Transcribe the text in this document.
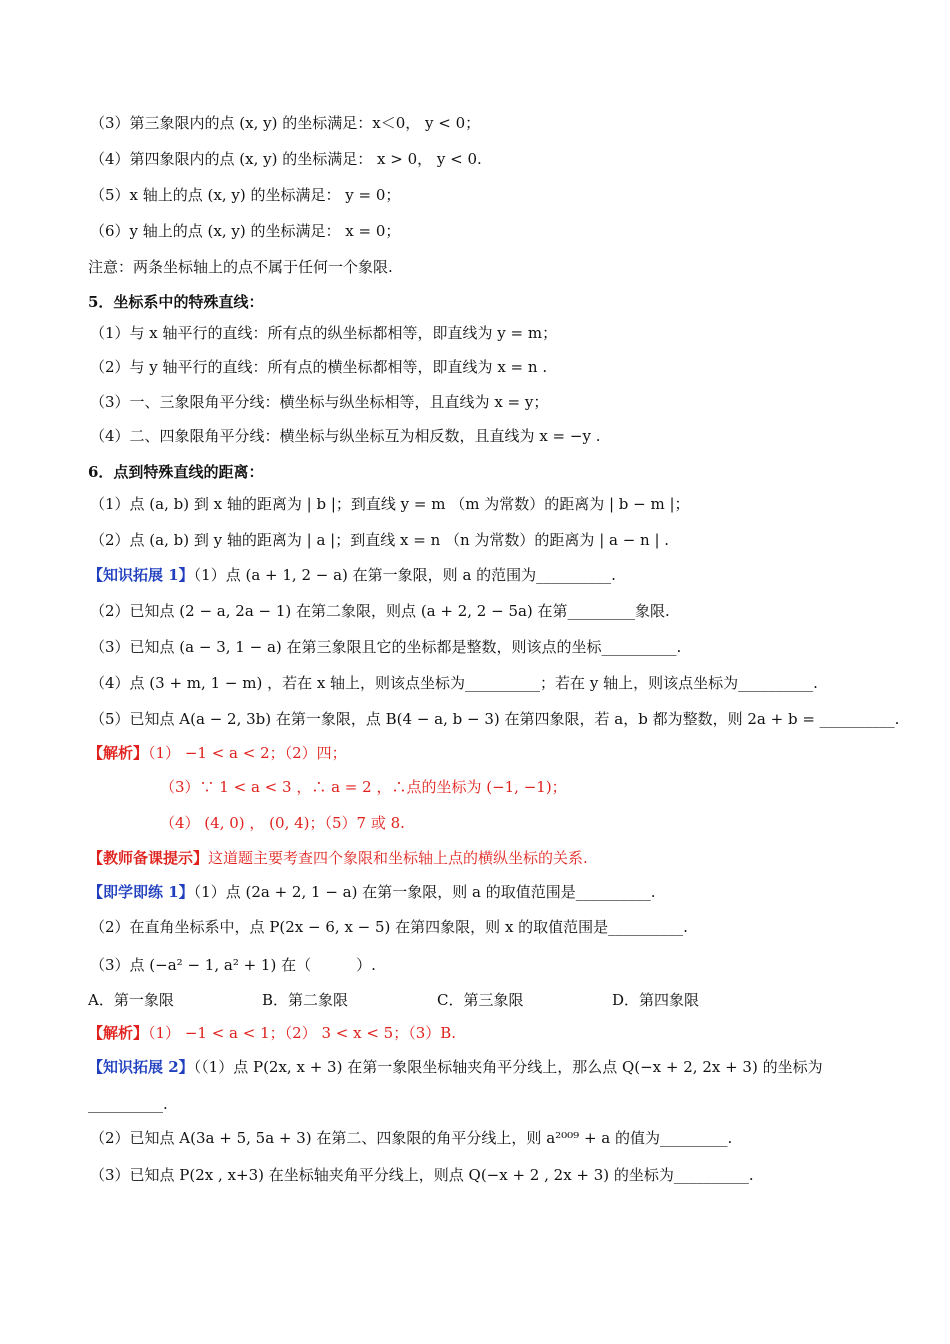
（3）第三象限内的点 (x, y) 的坐标满足：x＜0， y < 0；
（4）第四象限内的点 (x, y) 的坐标满足： x > 0， y < 0.
（5）x 轴上的点 (x, y) 的坐标满足： y = 0；
（6）y 轴上的点 (x, y) 的坐标满足： x = 0；
注意：两条坐标轴上的点不属于任何一个象限.
5．坐标系中的特殊直线：
（1）与 x 轴平行的直线：所有点的纵坐标都相等，即直线为 y = m；
（2）与 y 轴平行的直线：所有点的横坐标都相等，即直线为 x = n .
（3）一、三象限角平分线：横坐标与纵坐标相等，且直线为 x = y；
（4）二、四象限角平分线：横坐标与纵坐标互为相反数，且直线为 x = −y .
6．点到特殊直线的距离：
（1）点 (a, b) 到 x 轴的距离为 | b |；到直线 y = m （m 为常数）的距离为 | b − m |；
（2）点 (a, b) 到 y 轴的距离为 | a |；到直线 x = n （n 为常数）的距离为 | a − n | .
【知识拓展 1】（1）点 (a + 1, 2 − a) 在第一象限，则 a 的范围为__________.
（2）已知点 (2 − a, 2a − 1) 在第二象限，则点 (a + 2, 2 − 5a) 在第_________象限.
（3）已知点 (a − 3, 1 − a) 在第三象限且它的坐标都是整数，则该点的坐标__________.
（4）点 (3 + m, 1 − m) ，若在 x 轴上，则该点坐标为__________；若在 y 轴上，则该点坐标为__________.
（5）已知点 A(a − 2, 3b) 在第一象限，点 B(4 − a, b − 3) 在第四象限，若 a，b 都为整数，则 2a + b = __________.
【解析】（1） −1 < a < 2；（2）四；
（3）∵ 1 < a < 3 ，∴ a = 2 ，∴点的坐标为 (−1, −1)；
（4） (4, 0) ， (0, 4)；（5）7 或 8.
【教师备课提示】这道题主要考查四个象限和坐标轴上点的横纵坐标的关系.
【即学即练 1】（1）点 (2a + 2, 1 − a) 在第一象限，则 a 的取值范围是__________.
（2）在直角坐标系中，点 P(2x − 6, x − 5) 在第四象限，则 x 的取值范围是__________.
（3）点 (−a² − 1, a² + 1) 在（　　　）.
A．第一象限	B．第二象限	C．第三象限	D．第四象限
【解析】（1） −1 < a < 1；（2） 3 < x < 5；（3）B.
【知识拓展 2】（（1）点 P(2x, x + 3) 在第一象限坐标轴夹角平分线上，那么点 Q(−x + 2, 2x + 3) 的坐标为
__________.
（2）已知点 A(3a + 5, 5a + 3) 在第二、四象限的角平分线上，则 a²⁰⁰⁹ + a 的值为_________.
（3）已知点 P(2x , x+3) 在坐标轴夹角平分线上，则点 Q(−x + 2 , 2x + 3) 的坐标为__________.
